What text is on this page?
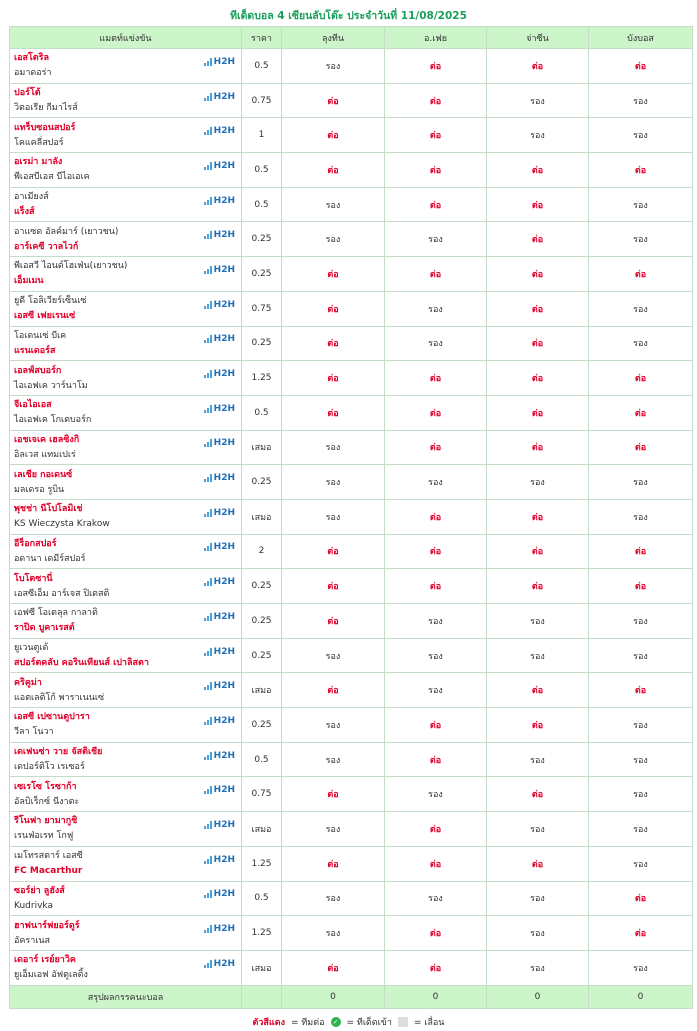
ทีเด็ดบอล 4 เซียนลับโต๊ะ ประจำวันที่ 11/08/2025
แมตท์แข่งขัน	ราคา	ลุงทีน	อ.เฟย	จ่าซีน	บังบอส

เอสโตริล
อมาดอร่า
H2H	0.5	รอง	ต่อ	ต่อ	ต่อ

ปอร์โต้
วิตอเรีย กีมาไรส์
H2H	0.75	ต่อ	ต่อ	รอง	รอง

แทร็บซอนสปอร์
โคแคลี่สปอร์
H2H	1	ต่อ	ต่อ	รอง	รอง

อเรม่า มาลัง
พีเอสบีเอส บีไอเอเค
H2H	0.5	ต่อ	ต่อ	ต่อ	ต่อ

อาเมียงส์
แร็งส์
H2H	0.5	รอง	ต่อ	ต่อ	รอง

อาแซด อัลค์มาร์ (เยาวชน)
อาร์เคซี วาลไวก์
H2H	0.25	รอง	รอง	ต่อ	รอง

พีเอสวี ไอนด์โฮเฟ่น(เยาวชน)
เอ็มเมน
H2H	0.25	ต่อ	ต่อ	ต่อ	ต่อ

ยูดี โอลิเวียร์เซ็นเซ่
เอสซี เฟยเรนเซ่
H2H	0.75	ต่อ	รอง	ต่อ	รอง

โอเดนเซ่ บีเค
แรนเดอร์ส
H2H	0.25	ต่อ	รอง	ต่อ	รอง

เอลฟ์สบอร์ก
ไอเอฟเค วาร์นาโม
H2H	1.25	ต่อ	ต่อ	ต่อ	ต่อ

จีเอไอเอส
ไอเอฟเค โกเตบอร์ก
H2H	0.5	ต่อ	ต่อ	ต่อ	ต่อ

เอชเจเค เฮลซิงกิ
อิลเวส แทมเปเร่
H2H	เสมอ	รอง	ต่อ	ต่อ	ต่อ

เลเชีย กอเดนซ์
มลเดรอ รูบิน
H2H	0.25	รอง	รอง	รอง	รอง

พุชช่า นีโปโลมิเช่
KS Wieczysta Krakow
H2H	เสมอ	รอง	ต่อ	ต่อ	รอง

อีร็อกสปอร์
อดานา เดมีร์สปอร์
H2H	2	ต่อ	ต่อ	ต่อ	ต่อ

โบโตซานี่
เอสซีเอ็ม อาร์เจส ปิเตสติ
H2H	0.25	ต่อ	ต่อ	ต่อ	ต่อ

เอฟซี โอเตลุล กาลาติ
ราปิด บูคาเรสต์
H2H	0.25	ต่อ	รอง	รอง	รอง

ยูเวนตูเด้
สปอร์ตคลับ คอรินเทียนส์ เปาลิสตา
H2H	0.25	รอง	รอง	รอง	รอง

คริคูม่า
แอตเลติโก้ พาราเนนเซ่
H2H	เสมอ	ต่อ	รอง	ต่อ	ต่อ

เอสซี เปซานดูปารา
วีลา โนวา
H2H	0.25	รอง	ต่อ	ต่อ	รอง

เดเฟนซ่า วาย จัสติเชีย
เดปอร์ติโว เรเซอร์
H2H	0.5	รอง	ต่อ	รอง	รอง

เซเรโซ โรซาก้า
อัลบิเร็กซ์ นีงาตะ
H2H	0.75	ต่อ	รอง	ต่อ	รอง

รีโนฟา ยามากูชิ
เรนฟ่อเรท โกฟู
H2H	เสมอ	รอง	ต่อ	รอง	รอง

เมโทรสตาร์ เอสซี
FC Macarthur
H2H	1.25	ต่อ	ต่อ	ต่อ	รอง

ซอร์ย่า ลูฮังส์
Kudrivka
H2H	0.5	รอง	รอง	รอง	ต่อ

ฮาฟนาร์ฟยอร์ดูร์
อัคราเนส
H2H	1.25	รอง	ต่อ	รอง	ต่อ

เดอาร์ เรย์ยาวิค
ยูเอ็มเอฟ อัฟตูเลดิ้ง
H2H	เสมอ	ต่อ	ต่อ	รอง	รอง
สรุปผลกรรคนะบอล		0	0	0	0
ตัวสีแดง = ทีมต่อ ✓ = ทีเด็ดเข้า = เลื่อน
